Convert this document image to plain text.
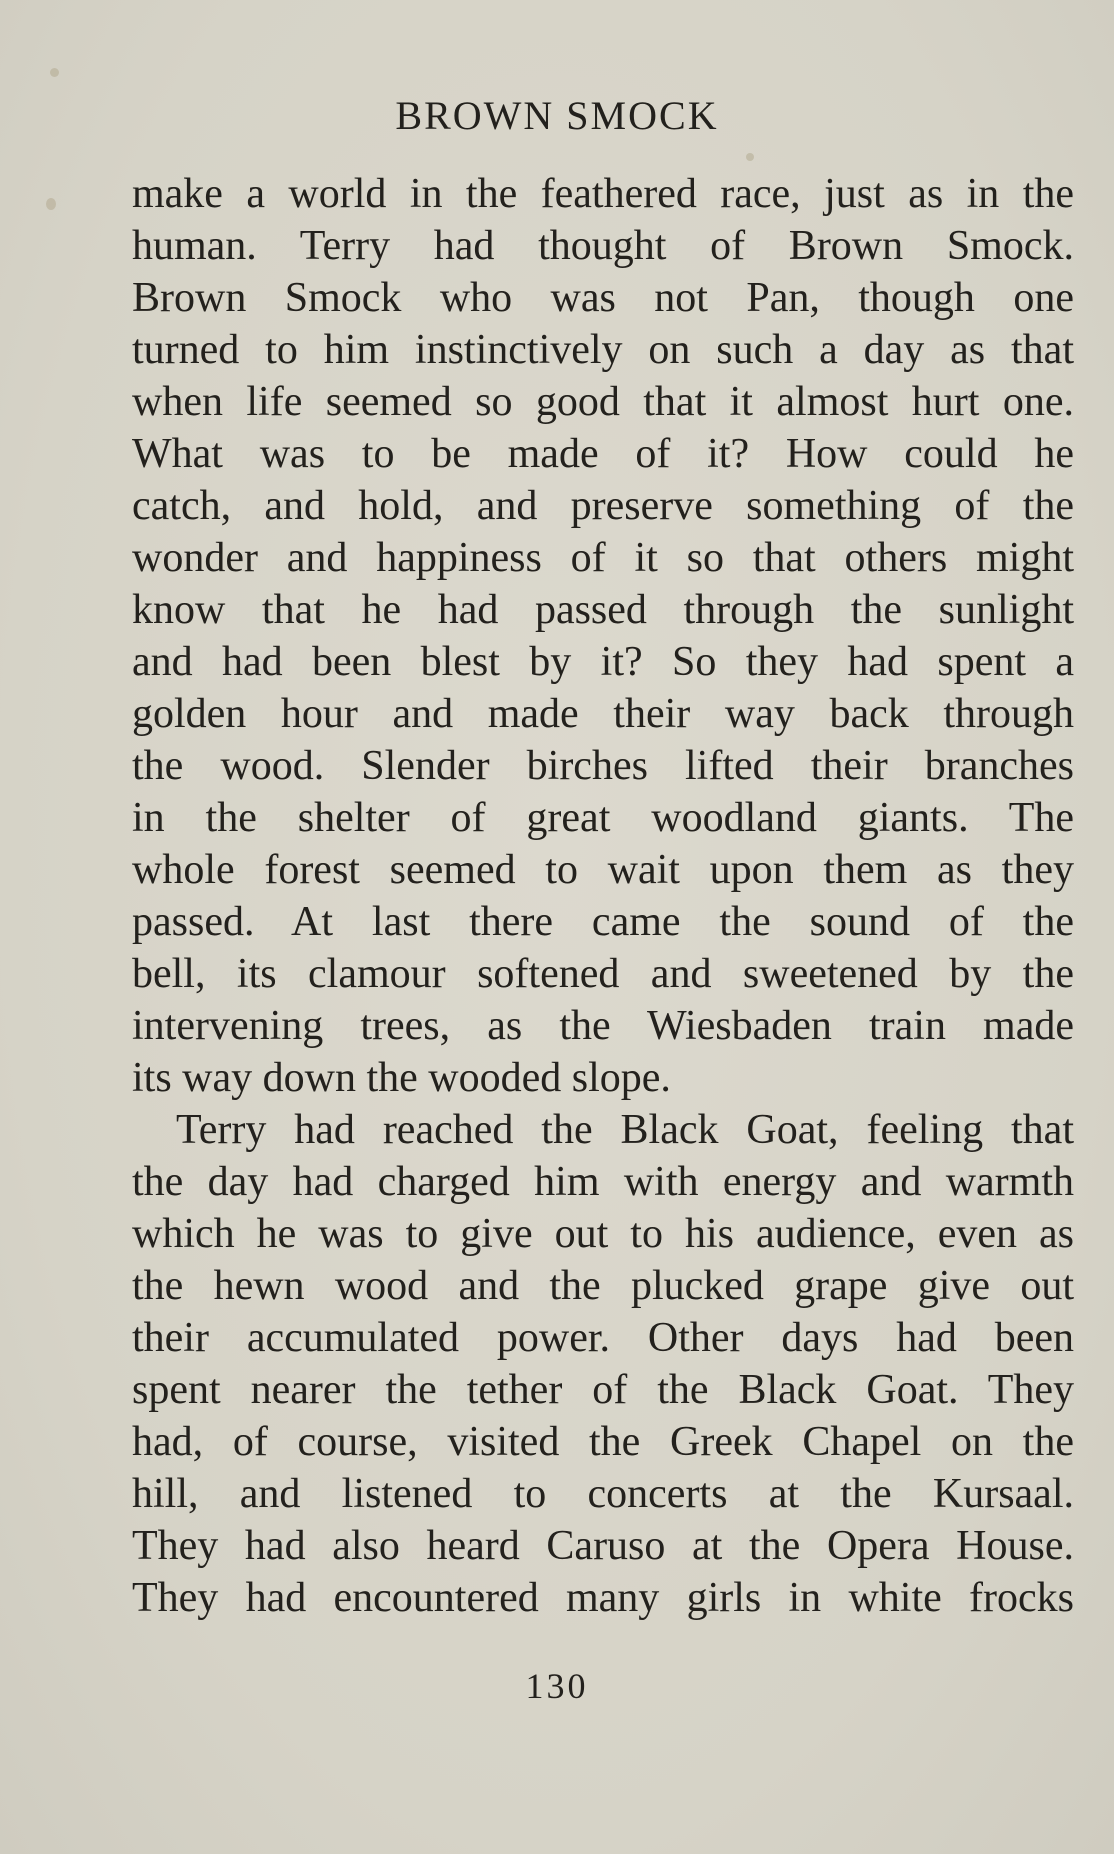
BROWN SMOCK
make a world in the feathered race, just as in the
human. Terry had thought of Brown Smock.
Brown Smock who was not Pan, though one
turned to him instinctively on such a day as that
when life seemed so good that it almost hurt one.
What was to be made of it? How could he
catch, and hold, and preserve something of the
wonder and happiness of it so that others might
know that he had passed through the sunlight
and had been blest by it? So they had spent a
golden hour and made their way back through
the wood. Slender birches lifted their branches
in the shelter of great woodland giants. The
whole forest seemed to wait upon them as they
passed. At last there came the sound of the
bell, its clamour softened and sweetened by the
intervening trees, as the Wiesbaden train made
its way down the wooded slope.
Terry had reached the Black Goat, feeling that
the day had charged him with energy and warmth
which he was to give out to his audience, even as
the hewn wood and the plucked grape give out
their accumulated power. Other days had been
spent nearer the tether of the Black Goat. They
had, of course, visited the Greek Chapel on the
hill, and listened to concerts at the Kursaal.
They had also heard Caruso at the Opera House.
They had encountered many girls in white frocks
130
